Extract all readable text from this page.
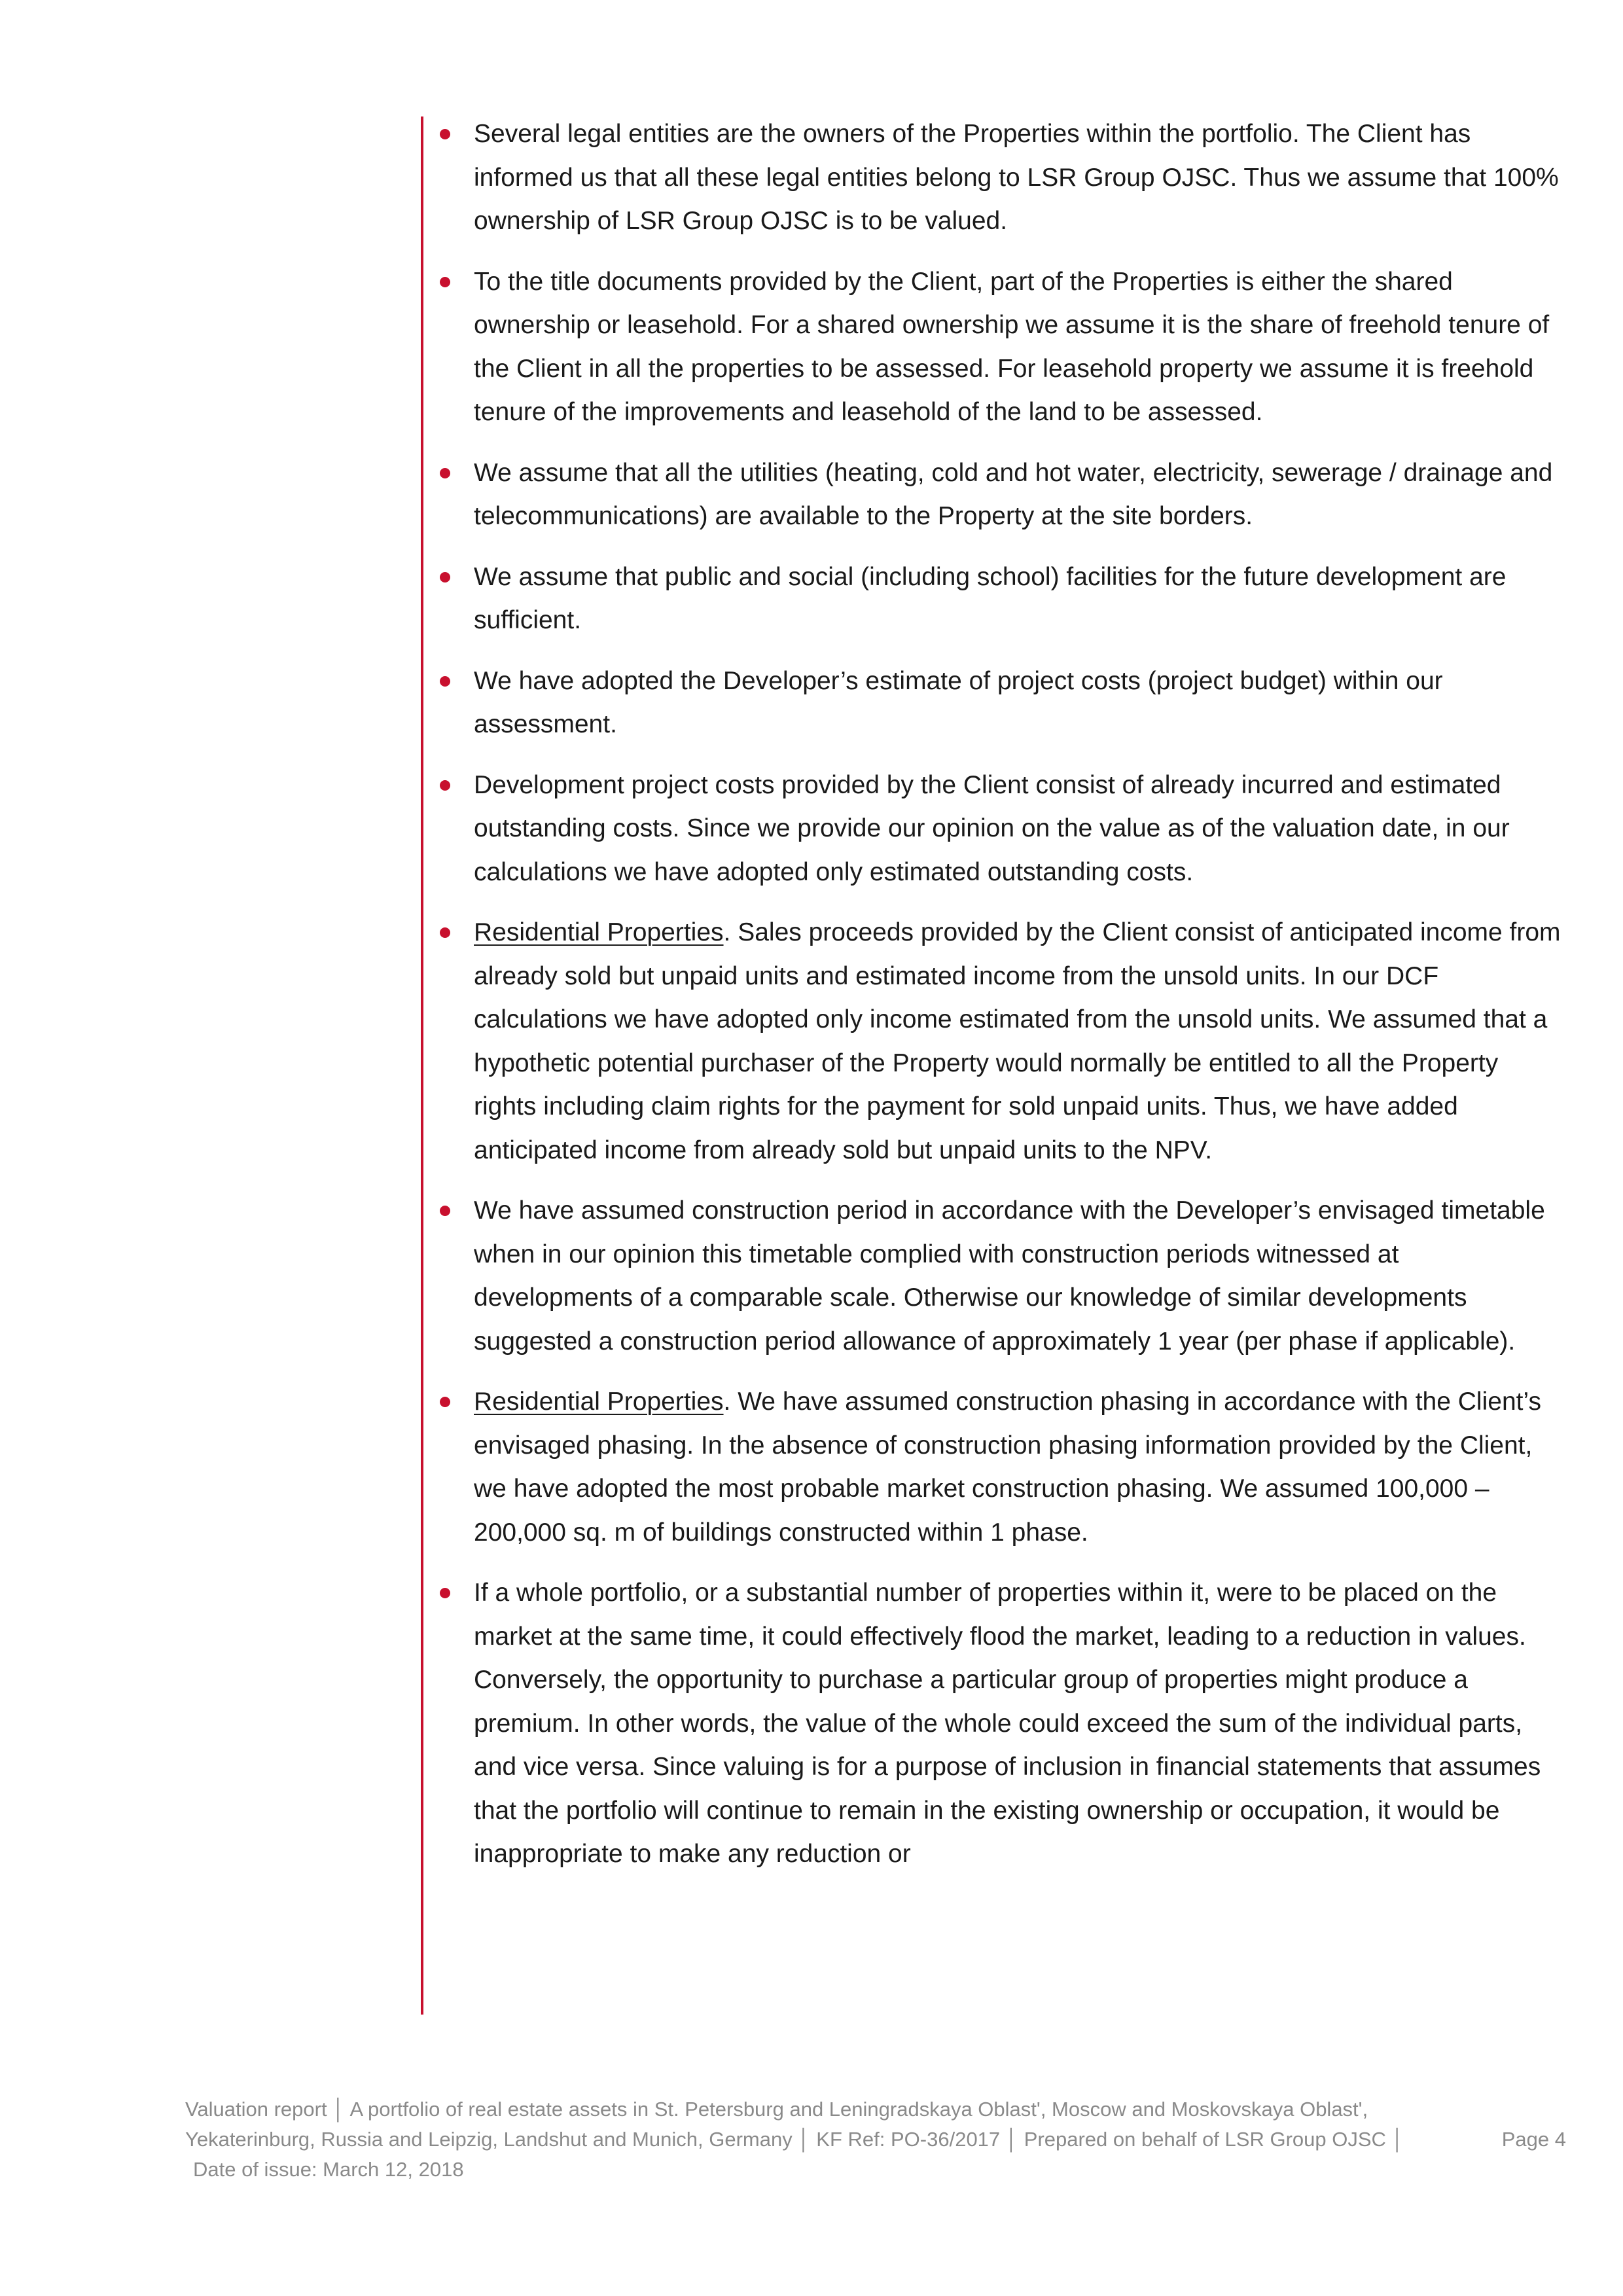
Several legal entities are the owners of the Properties within the portfolio. The Client has informed us that all these legal entities belong to LSR Group OJSC. Thus we assume that 100% ownership of LSR Group OJSC is to be valued.
To the title documents provided by the Client, part of the Properties is either the shared ownership or leasehold. For a shared ownership we assume it is the share of freehold tenure of the Client in all the properties to be assessed. For leasehold property we assume it is freehold tenure of the improvements and leasehold of the land to be assessed.
We assume that all the utilities (heating, cold and hot water, electricity, sewerage / drainage and telecommunications) are available to the Property at the site borders.
We assume that public and social (including school) facilities for the future development are sufficient.
We have adopted the Developer’s estimate of project costs (project budget) within our assessment.
Development project costs provided by the Client consist of already incurred and estimated outstanding costs. Since we provide our opinion on the value as of the valuation date, in our calculations we have adopted only estimated outstanding costs.
Residential Properties. Sales proceeds provided by the Client consist of anticipated income from already sold but unpaid units and estimated income from the unsold units. In our DCF calculations we have adopted only income estimated from the unsold units. We assumed that a hypothetic potential purchaser of the Property would normally be entitled to all the Property rights including claim rights for the payment for sold unpaid units. Thus, we have added anticipated income from already sold but unpaid units to the NPV.
We have assumed construction period in accordance with the Developer’s envisaged timetable when in our opinion this timetable complied with construction periods witnessed at developments of a comparable scale. Otherwise our knowledge of similar developments suggested a construction period allowance of approximately 1 year (per phase if applicable).
Residential Properties. We have assumed construction phasing in accordance with the Client’s envisaged phasing. In the absence of construction phasing information provided by the Client, we have adopted the most probable market construction phasing. We assumed 100,000 – 200,000 sq. m of buildings constructed within 1 phase.
If a whole portfolio, or a substantial number of properties within it, were to be placed on the market at the same time, it could effectively flood the market, leading to a reduction in values. Conversely, the opportunity to purchase a particular group of properties might produce a premium. In other words, the value of the whole could exceed the sum of the individual parts, and vice versa. Since valuing is for a purpose of inclusion in financial statements that assumes that the portfolio will continue to remain in the existing ownership or occupation, it would be inappropriate to make any reduction or
Valuation report │ A portfolio of real estate assets in St. Petersburg and Leningradskaya Oblast', Moscow and Moskovskaya Oblast',
Yekaterinburg, Russia and Leipzig, Landshut and Munich, Germany │ KF Ref: PO-36/2017 │ Prepared on behalf of LSR Group OJSC │
Date of issue: March 12, 2018
Page 4
